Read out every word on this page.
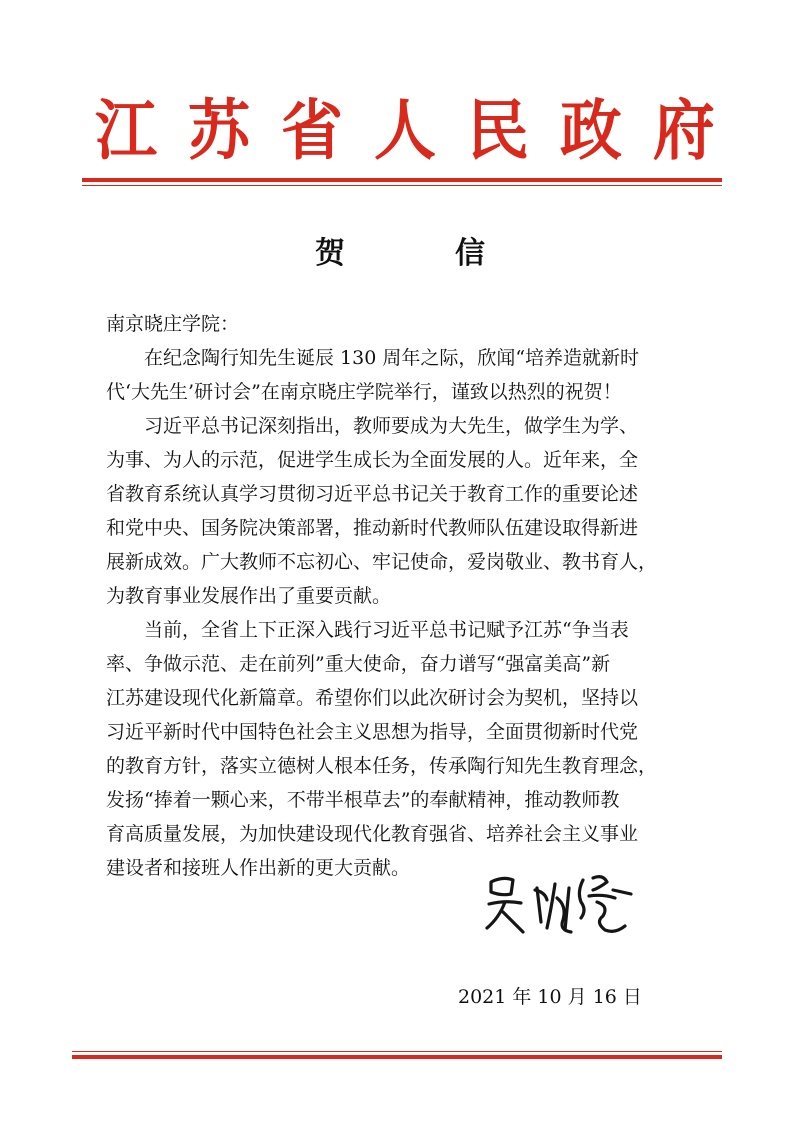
江 苏 省 人 民 政 府
贺　信
南京晓庄学院：
在纪念陶行知先生诞辰 130 周年之际，欣闻“培养造就新时
代‘大先生’研讨会”在南京晓庄学院举行，谨致以热烈的祝贺！
习近平总书记深刻指出，教师要成为大先生，做学生为学、
为事、为人的示范，促进学生成长为全面发展的人。近年来，全
省教育系统认真学习贯彻习近平总书记关于教育工作的重要论述
和党中央、国务院决策部署，推动新时代教师队伍建设取得新进
展新成效。广大教师不忘初心、牢记使命，爱岗敬业、教书育人，
为教育事业发展作出了重要贡献。
当前，全省上下正深入践行习近平总书记赋予江苏“争当表
率、争做示范、走在前列”重大使命，奋力谱写“强富美高”新
江苏建设现代化新篇章。希望你们以此次研讨会为契机，坚持以
习近平新时代中国特色社会主义思想为指导，全面贯彻新时代党
的教育方针，落实立德树人根本任务，传承陶行知先生教育理念，
发扬“捧着一颗心来，不带半根草去”的奉献精神，推动教师教
育高质量发展，为加快建设现代化教育强省、培养社会主义事业
建设者和接班人作出新的更大贡献。
2021 年 10 月 16 日
